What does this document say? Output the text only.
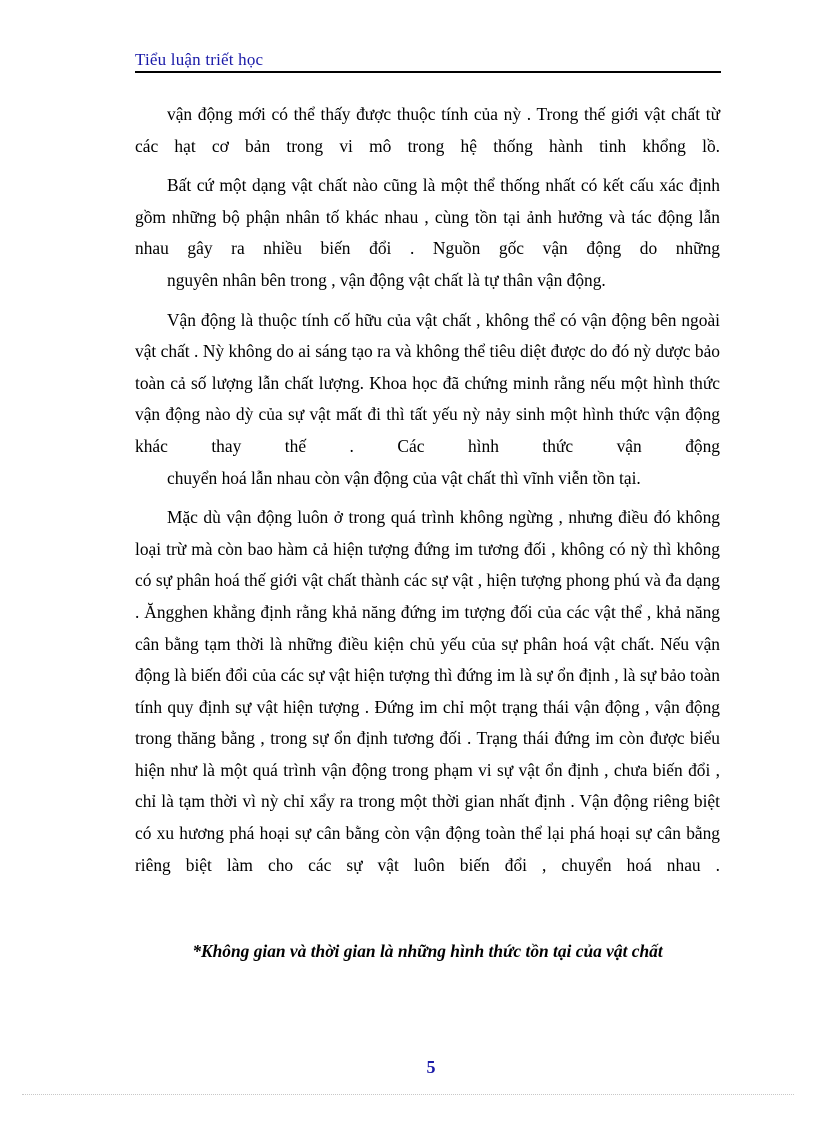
Tiểu luận triết học

vận động mới có thể thấy được thuộc tính của nỳ . Trong thế giới vật chất từ các hạt cơ bản trong vi mô trong hệ thống hành tinh khổng lồ.

Bất cứ một dạng vật chất nào cũng là một thể thống nhất có kết cấu xác định gồm những bộ phận nhân tố khác nhau , cùng tồn tại ảnh hưởng và tác động lẫn nhau gây ra nhiều biến đổi . Nguồn gốc vận động do những
nguyên nhân bên trong , vận động vật chất là tự thân vận động.

Vận động là thuộc tính cố hữu của vật chất , không thể có vận động bên ngoài vật chất . Nỳ không do ai sáng tạo ra và không thể tiêu diệt được do đó nỳ dược bảo toàn cả số lượng lẫn chất lượng. Khoa học đã chứng minh rằng nếu một hình thức vận động nào dỳ của sự vật mất đi thì tất yếu nỳ nảy sinh một hình thức vận động khác thay thế . Các hình thức vận động
chuyển hoá lẫn nhau còn vận động của vật chất thì vĩnh viễn tồn tại.

Mặc dù vận động luôn ở trong quá trình không ngừng , nhưng điều đó không loại trừ mà còn bao hàm cả hiện tượng đứng im tương đối , không có nỳ thì không có sự phân hoá thế giới vật chất thành các sự vật , hiện tượng phong phú và đa dạng . Ăngghen khẳng định rằng khả năng đứng im tượng đối của các vật thể , khả năng cân bằng tạm thời là những điều kiện chủ yếu của sự phân hoá vật chất. Nếu vận động là biến đổi của các sự vật hiện tượng thì đứng im là sự ổn định , là sự bảo toàn tính quy định sự vật hiện tượng . Đứng im chỉ một trạng thái vận động , vận động trong thăng bằng , trong sự ổn định tương đối . Trạng thái đứng im còn được biểu hiện như là một quá trình vận động trong phạm vi sự vật ổn định , chưa biến đổi , chỉ là tạm thời vì nỳ chỉ xẩy ra trong một thời gian nhất định . Vận động riêng biệt có xu hương phá hoại sự cân bằng còn vận động toàn thể lại phá hoại sự cân bằng riêng biệt làm cho các sự vật luôn biến đổi , chuyển hoá nhau .

*Không gian và thời gian là những hình thức tồn tại của vật chất
5
